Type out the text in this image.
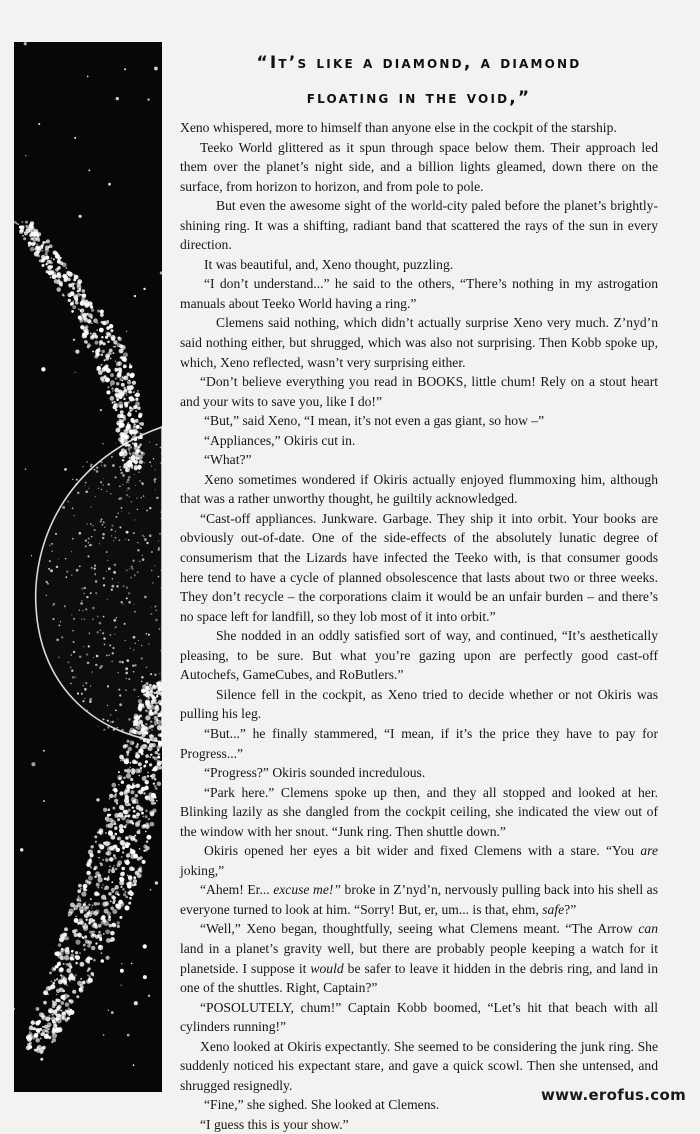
“It’s like a diamond, a diamond
floating in the void,”

Xeno whispered, more to himself than anyone else in the cockpit of the starship.

Teeko World glittered as it spun through space below them. Their approach led them over the planet’s night side, and a billion lights gleamed, down there on the surface, from horizon to horizon, and from pole to pole.

But even the awesome sight of the world-city paled before the planet’s brightly-shining ring. It was a shifting, radiant band that scattered the rays of the sun in every direction.

It was beautiful, and, Xeno thought, puzzling.

“I don’t understand...” he said to the others, “There’s nothing in my astrogation manuals about Teeko World having a ring.”

Clemens said nothing, which didn’t actually surprise Xeno very much. Z’nyd’n said nothing either, but shrugged, which was also not surprising. Then Kobb spoke up, which, Xeno reflected, wasn’t very surprising either.

“Don’t believe everything you read in BOOKS, little chum! Rely on a stout heart and your wits to save you, like I do!”

“But,” said Xeno, “I mean, it’s not even a gas giant, so how –”

“Appliances,” Okiris cut in.

“What?”

Xeno sometimes wondered if Okiris actually enjoyed flummoxing him, although that was a rather unworthy thought, he guiltily acknowledged.

“Cast-off appliances. Junkware. Garbage. They ship it into orbit. Your books are obviously out-of-date. One of the side-effects of the absolutely lunatic degree of consumerism that the Lizards have infected the Teeko with, is that consumer goods here tend to have a cycle of planned obsolescence that lasts about two or three weeks. They don’t recycle – the corporations claim it would be an unfair burden – and there’s no space left for landfill, so they lob most of it into orbit.”

She nodded in an oddly satisfied sort of way, and continued, “It’s aesthetically pleasing, to be sure. But what you’re gazing upon are perfectly good cast-off Autochefs, GameCubes, and RoButlers.”

Silence fell in the cockpit, as Xeno tried to decide whether or not Okiris was pulling his leg.

“But...” he finally stammered, “I mean, if it’s the price they have to pay for Progress...”

“Progress?” Okiris sounded incredulous.

“Park here.” Clemens spoke up then, and they all stopped and looked at her. Blinking lazily as she dangled from the cockpit ceiling, she indicated the view out of the window with her snout. “Junk ring. Then shuttle down.”

Okiris opened her eyes a bit wider and fixed Clemens with a stare. “You are joking,”

“Ahem! Er... excuse me!” broke in Z’nyd’n, nervously pulling back into his shell as everyone turned to look at him. “Sorry! But, er, um... is that, ehm, safe?”

“Well,” Xeno began, thoughtfully, seeing what Clemens meant. “The Arrow can land in a planet’s gravity well, but there are probably people keeping a watch for it planetside. I suppose it would be safer to leave it hidden in the debris ring, and land in one of the shuttles. Right, Captain?”

“POSOLUTELY, chum!” Captain Kobb boomed, “Let’s hit that beach with all cylinders running!”

Xeno looked at Okiris expectantly. She seemed to be considering the junk ring. She suddenly noticed his expectant stare, and gave a quick scowl. Then she untensed, and shrugged resignedly.

“Fine,” she sighed. She looked at Clemens.

“I guess this is your show.”

www.erofus.com
